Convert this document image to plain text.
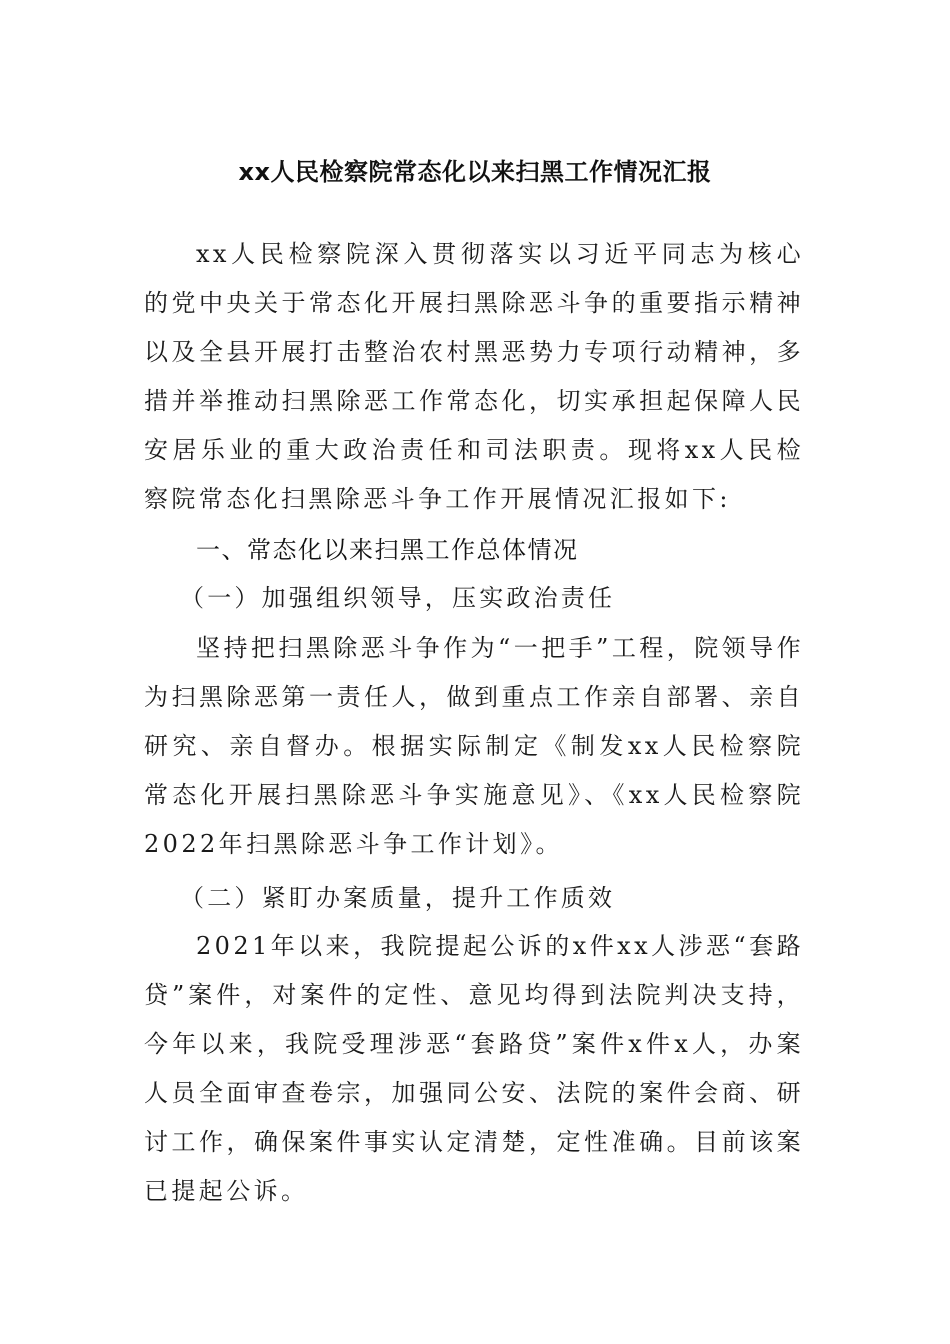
xx人民检察院常态化以来扫黑工作情况汇报
xx人民检察院深入贯彻落实以习近平同志为核心的党中央关于常态化开展扫黑除恶斗争的重要指示精神以及全县开展打击整治农村黑恶势力专项行动精神，多措并举推动扫黑除恶工作常态化，切实承担起保障人民安居乐业的重大政治责任和司法职责。现将xx人民检察院常态化扫黑除恶斗争工作开展情况汇报如下:
一、常态化以来扫黑工作总体情况
（一）加强组织领导，压实政治责任
坚持把扫黑除恶斗争作为“一把手”工程，院领导作为扫黑除恶第一责任人，做到重点工作亲自部署、亲自研究、亲自督办。根据实际制定《制发xx人民检察院常态化开展扫黑除恶斗争实施意见》、《xx人民检察院2022年扫黑除恶斗争工作计划》。
（二）紧盯办案质量，提升工作质效
2021年以来，我院提起公诉的x件xx人涉恶“套路贷”案件，对案件的定性、意见均得到法院判决支持，今年以来，我院受理涉恶“套路贷”案件x件x人，办案人员全面审查卷宗，加强同公安、法院的案件会商、研讨工作，确保案件事实认定清楚，定性准确。目前该案已提起公诉。
